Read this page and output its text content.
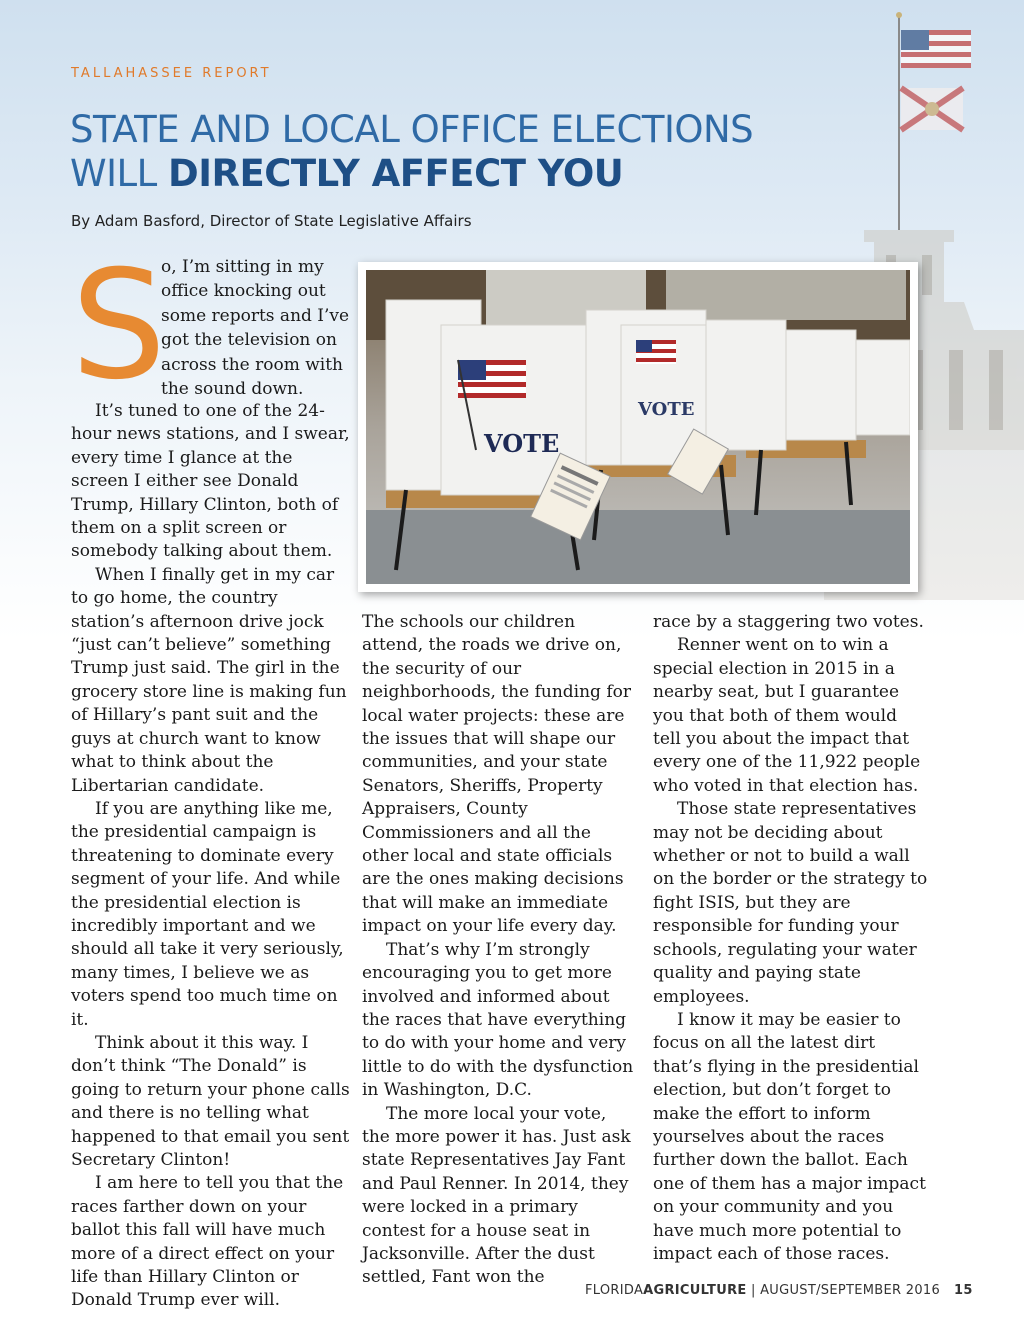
TALLAHASSEE REPORT
STATE AND LOCAL OFFICE ELECTIONS
WILL DIRECTLY AFFECT YOU
By Adam Basford, Director of State Legislative Affairs
S

o, I’m sitting in my office knocking out some reports and I’ve got the television on across the room with the sound down.

VOTE
VOTE

It’s tuned to one of the 24-hour news stations, and I swear, every time I glance at the screen I either see Donald Trump, Hillary Clinton, both of them on a split screen or somebody talking about them.

When I finally get in my car to go home, the country station’s afternoon drive jock “just can’t believe” something Trump just said. The girl in the grocery store line is making fun of Hillary’s pant suit and the guys at church want to know what to think about the Libertarian candidate.

If you are anything like me, the presidential campaign is threatening to dominate every segment of your life. And while the presidential election is incredibly important and we should all take it very seriously, many times, I believe we as voters spend too much time on it.

Think about it this way. I don’t think “The Donald” is going to return your phone calls and there is no telling what happened to that email you sent Secretary Clinton!

I am here to tell you that the races farther down on your ballot this fall will have much more of a direct effect on your life than Hillary Clinton or Donald Trump ever will.

The schools our children attend, the roads we drive on, the security of our neighborhoods, the funding for local water projects: these are the issues that will shape our communities, and your state Senators, Sheriffs, Property Appraisers, County Commissioners and all the other local and state officials are the ones making decisions that will make an immediate impact on your life every day.

That’s why I’m strongly encouraging you to get more involved and informed about the races that have everything to do with your home and very little to do with the dysfunction in Washington, D.C.

The more local your vote, the more power it has. Just ask state Representatives Jay Fant and Paul Renner. In 2014, they were locked in a primary contest for a house seat in Jacksonville. After the dust settled, Fant won the

race by a staggering two votes.

Renner went on to win a special election in 2015 in a nearby seat, but I guarantee you that both of them would tell you about the impact that every one of the 11,922 people who voted in that election has.

Those state representatives may not be deciding about whether or not to build a wall on the border or the strategy to fight ISIS, but they are responsible for funding your schools, regulating your water quality and paying state employees.

I know it may be easier to focus on all the latest dirt that’s flying in the presidential election, but don’t forget to make the effort to inform yourselves about the races further down the ballot. Each one of them has a major impact on your community and you have much more potential to impact each of those races.

FLORIDAAGRICULTURE | AUGUST/SEPTEMBER 2016 15
